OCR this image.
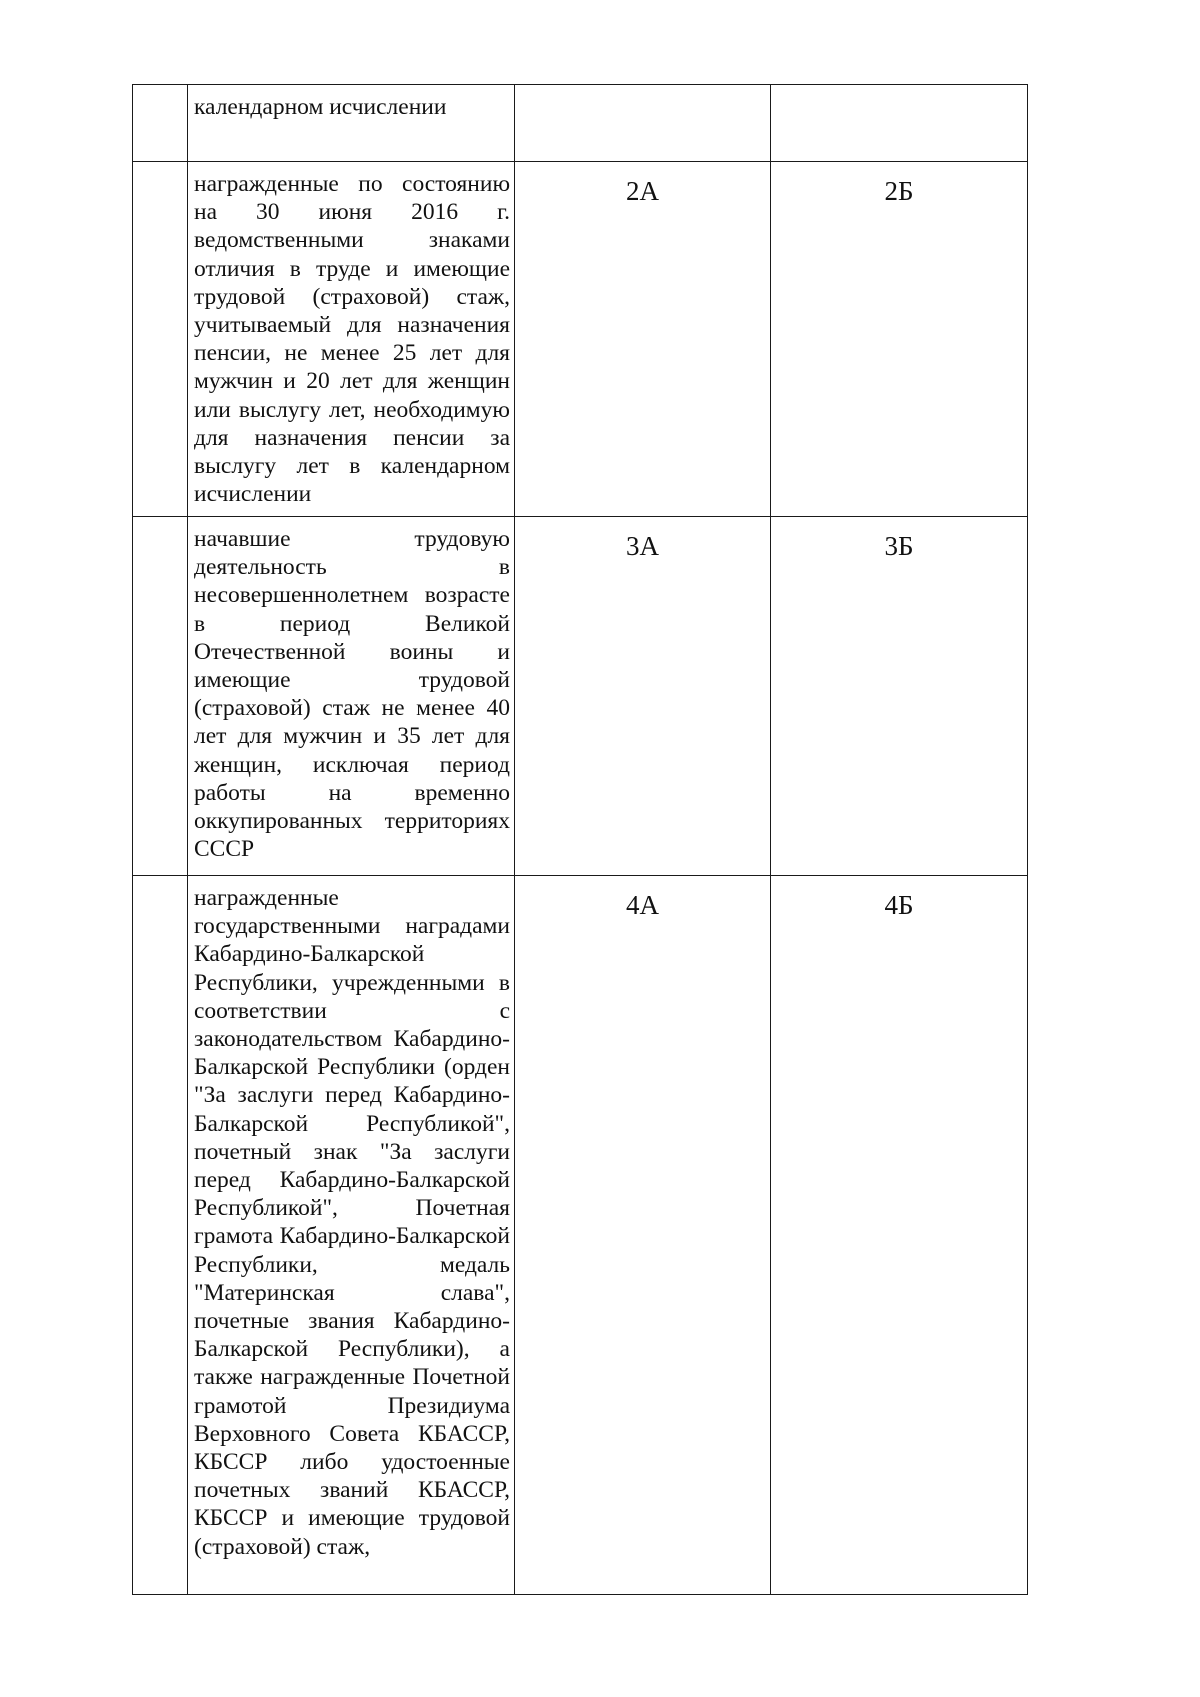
	календарном исчислении		

	награжденные по состоянию на 30 июня 2016 г. ведомственными знаками отличия в труде и имеющие трудовой (страховой) стаж, учитываемый для назначения пенсии, не менее 25 лет для мужчин и 20 лет для женщин или выслугу лет, необходимую для назначения пенсии за выслугу лет в календарном исчислении	2А	2Б

	начавшие трудовую деятельность в несовершеннолетнем возрасте в период Великой Отечественной воины и имеющие трудовой (страховой) стаж не менее 40 лет для мужчин и 35 лет для женщин, исключая период работы на временно оккупированных территориях СССР	3А	3Б

	награжденные государственными наградами Кабардино-Балкарской Республики, учрежденными в соответствии с законодательством Кабардино-Балкарской Республики (орден "За заслуги перед Кабардино-Балкарской Республикой", почетный знак "За заслуги перед Кабардино-Балкарской Республикой", Почетная грамота Кабардино-Балкарской Республики, медаль "Материнская слава", почетные звания Кабардино-Балкарской Республики), а также награжденные Почетной грамотой Президиума Верховного Совета КБАССР, КБССР либо удостоенные почетных званий КБАССР, КБССР и имеющие трудовой (страховой) стаж,	4А	4Б
